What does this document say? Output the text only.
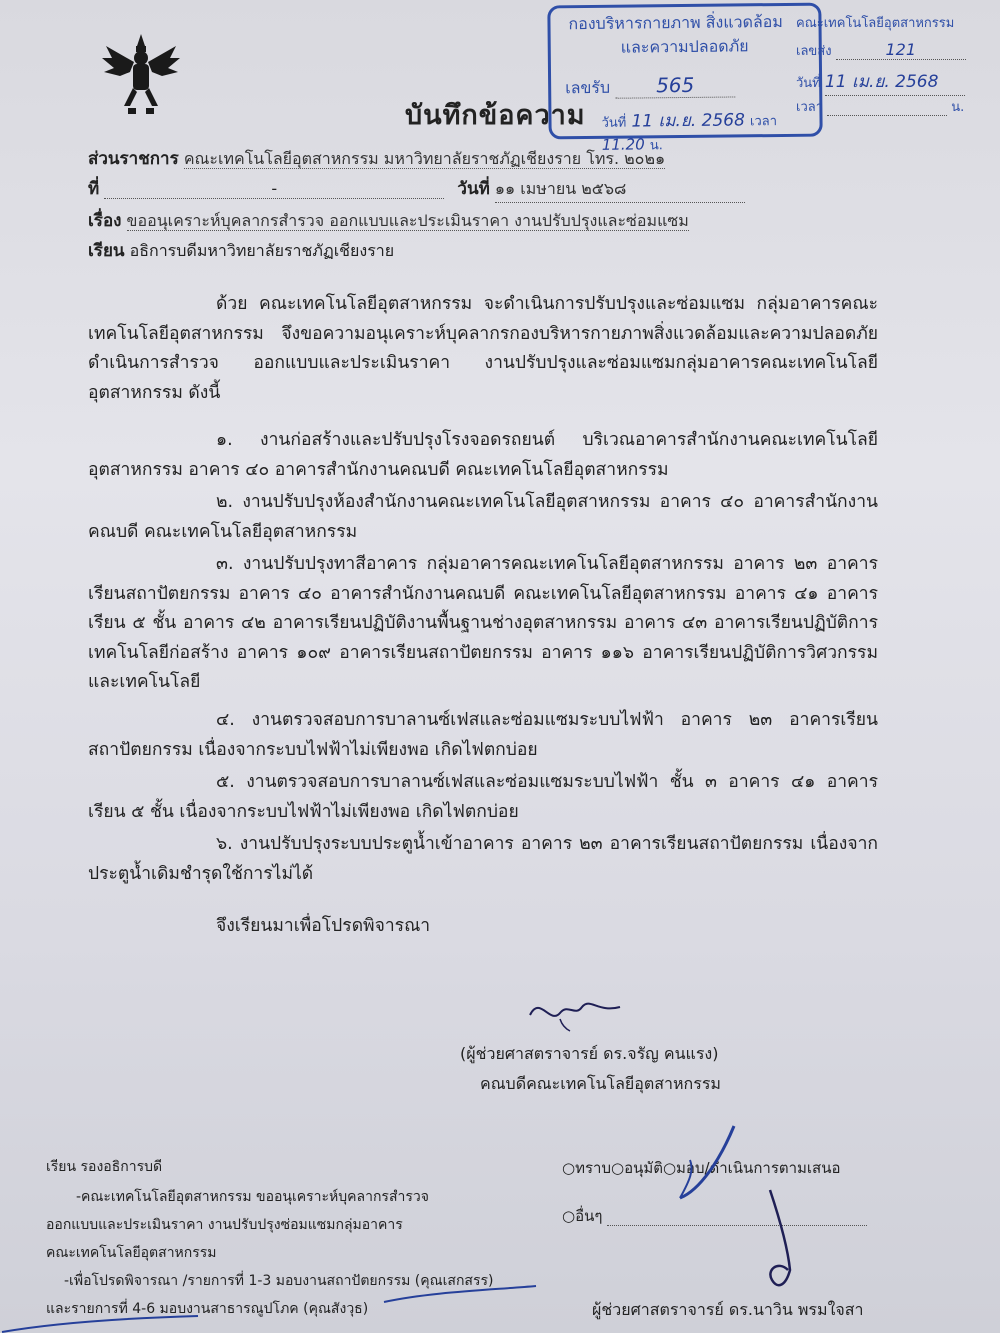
บันทึกข้อความ
กองบริหารกายภาพ สิ่งแวดล้อม
และความปลอดภัย
เลขรับ 565
วันที่ 11 เม.ย. 2568 เวลา 11.20 น.
คณะเทคโนโลยีอุตสาหกรรม
เลขส่ง	121
วันที่ 11 เม.ย. 2568
เวลา	น.
ส่วนราชการ คณะเทคโนโลยีอุตสาหกรรม มหาวิทยาลัยราชภัฏเชียงราย โทร. ๒๐๒๑
ที่	-	วันที่ ๑๑ เมษายน ๒๕๖๘
เรื่อง ขออนุเคราะห์บุคลากรสำรวจ ออกแบบและประเมินราคา งานปรับปรุงและซ่อมแซม
เรียน อธิการบดีมหาวิทยาลัยราชภัฏเชียงราย
ด้วย คณะเทคโนโลยีอุตสาหกรรม จะดำเนินการปรับปรุงและซ่อมแซม กลุ่มอาคารคณะเทคโนโลยีอุตสาหกรรม จึงขอความอนุเคราะห์บุคลากรกองบริหารกายภาพสิ่งแวดล้อมและความปลอดภัย ดำเนินการสำรวจ ออกแบบและประเมินราคา งานปรับปรุงและซ่อมแซมกลุ่มอาคารคณะเทคโนโลยีอุตสาหกรรม ดังนี้
๑. งานก่อสร้างและปรับปรุงโรงจอดรถยนต์ บริเวณอาคารสำนักงานคณะเทคโนโลยีอุตสาหกรรม อาคาร ๔๐ อาคารสำนักงานคณบดี คณะเทคโนโลยีอุตสาหกรรม
๒. งานปรับปรุงห้องสำนักงานคณะเทคโนโลยีอุตสาหกรรม อาคาร ๔๐ อาคารสำนักงานคณบดี คณะเทคโนโลยีอุตสาหกรรม
๓. งานปรับปรุงทาสีอาคาร กลุ่มอาคารคณะเทคโนโลยีอุตสาหกรรม อาคาร ๒๓ อาคารเรียนสถาปัตยกรรม อาคาร ๔๐ อาคารสำนักงานคณบดี คณะเทคโนโลยีอุตสาหกรรม อาคาร ๔๑ อาคารเรียน ๕ ชั้น อาคาร ๔๒ อาคารเรียนปฏิบัติงานพื้นฐานช่างอุตสาหกรรม อาคาร ๔๓ อาคารเรียนปฏิบัติการเทคโนโลยีก่อสร้าง อาคาร ๑๐๙ อาคารเรียนสถาปัตยกรรม อาคาร ๑๑๖ อาคารเรียนปฏิบัติการวิศวกรรมและเทคโนโลยี
๔. งานตรวจสอบการบาลานซ์เฟสและซ่อมแซมระบบไฟฟ้า อาคาร ๒๓ อาคารเรียนสถาปัตยกรรม เนื่องจากระบบไฟฟ้าไม่เพียงพอ เกิดไฟตกบ่อย
๕. งานตรวจสอบการบาลานซ์เฟสและซ่อมแซมระบบไฟฟ้า ชั้น ๓ อาคาร ๔๑ อาคารเรียน ๕ ชั้น เนื่องจากระบบไฟฟ้าไม่เพียงพอ เกิดไฟตกบ่อย
๖. งานปรับปรุงระบบประตูน้ำเข้าอาคาร อาคาร ๒๓ อาคารเรียนสถาปัตยกรรม เนื่องจากประตูน้ำเดิมชำรุดใช้การไม่ได้
จึงเรียนมาเพื่อโปรดพิจารณา
(ผู้ช่วยศาสตราจารย์ ดร.จรัญ คนแรง)
คณบดีคณะเทคโนโลยีอุตสาหกรรม
เรียน รองอธิการบดี
-คณะเทคโนโลยีอุตสาหกรรม ขออนุเคราะห์บุคลากรสำรวจ
ออกแบบและประเมินราคา งานปรับปรุงซ่อมแซมกลุ่มอาคาร
คณะเทคโนโลยีอุตสาหกรรม
-เพื่อโปรดพิจารณา /รายการที่ 1-3 มอบงานสถาปัตยกรรม (คุณเสกสรร)
และรายการที่ 4-6 มอบงานสาธารณูปโภค (คุณสังวุธ)
○ทราบ○อนุมัติ○มอบ/ดำเนินการตามเสนอ
○อื่นๆ
ผู้ช่วยศาสตราจารย์ ดร.นาวิน พรมใจสา
